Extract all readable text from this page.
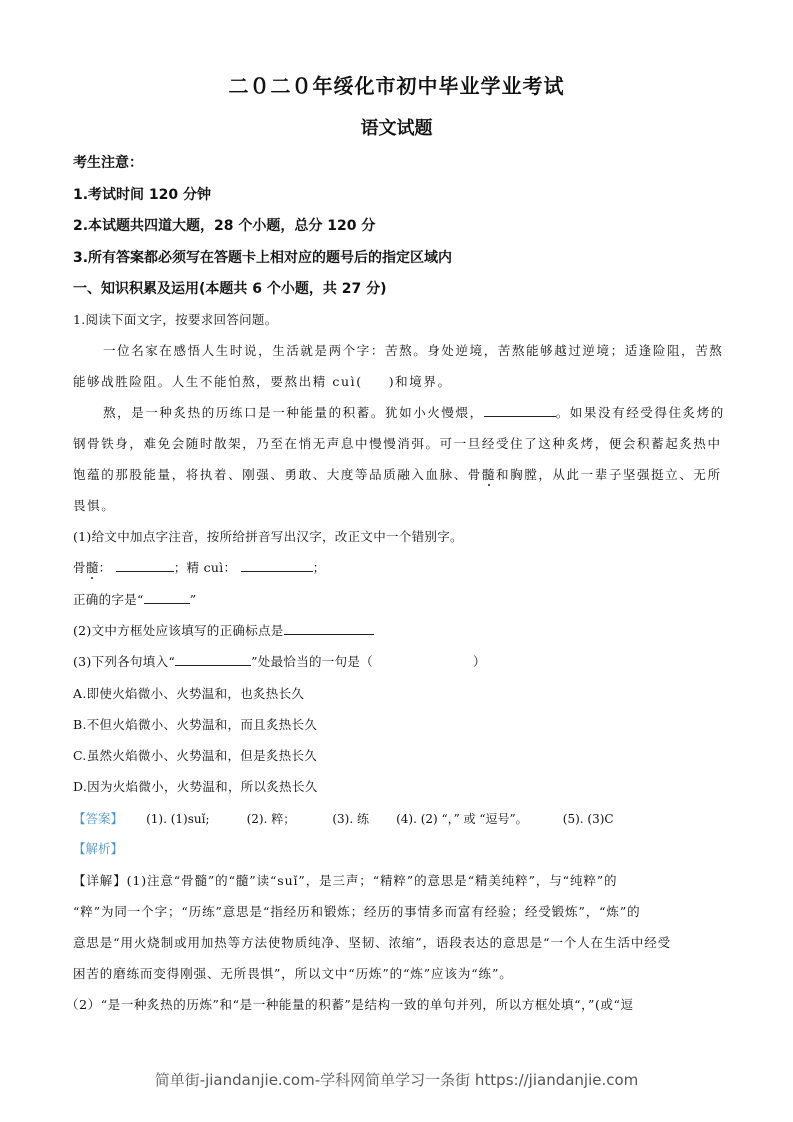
二０二０年绥化市初中毕业学业考试
语文试题
考生注意：
1.考试时间 120 分钟
2.本试题共四道大题，28 个小题，总分 120 分
3.所有答案都必须写在答题卡上相对应的题号后的指定区域内
一、知识积累及运用(本题共 6 个小题，共 27 分)
1.阅读下面文字，按要求回答问题。
一位名家在感悟人生时说，生活就是两个字：苦熬。身处逆境，苦熬能够越过逆境；适逢险阻，苦熬
能够战胜险阻。人生不能怕熬，要熬出精 cuì( )和境界。
熬，是一种炙热的历练口是一种能量的积蓄。犹如小火慢煨，	。如果没有经受得住炙烤的
钢骨铁身，难免会随时散架，乃至在悄无声息中慢慢消弭。可一旦经受住了这种炙烤，便会积蓄起炙热中
饱蕴的那股能量，将执着、刚强、勇敢、大度等品质融入血脉、骨髓和胸膛，从此一辈子坚强挺立、无所
畏惧。
(1)给文中加点字注音，按所给拼音写出汉字，改正文中一个错别字。
骨髓：	；精 cuì：	；
正确的字是“	”
(2)文中方框处应该填写的正确标点是
(3)下列各句填入“	”处最恰当的一句是（	）
A.即使火焰微小、火势温和，也炙热长久
B.不但火焰微小、火势温和，而且炙热长久
C.虽然火焰微小、火势温和，但是炙热长久
D.因为火焰微小，火势温和，所以炙热长久
【答案】 (1). (1)suǐ;	(2). 粹；	(3). 练 (4). (2) “，” 或 “逗号”。	(5). (3)C
【解析】
【详解】(1)注意“骨髓”的“髓”读“suǐ”，是三声；“精粹”的意思是“精美纯粹”，与“纯粹”的
“粹”为同一个字；“历练”意思是“指经历和锻炼；经历的事情多而富有经验；经受锻炼”，“炼”的
意思是“用火烧制或用加热等方法使物质纯净、坚韧、浓缩”，语段表达的意思是“一个人在生活中经受
困苦的磨练而变得刚强、无所畏惧”，所以文中“历炼”的“炼”应该为“练”。
（2）“是一种炙热的历炼”和“是一种能量的积蓄”是结构一致的单句并列，所以方框处填“，”(或“逗
简单街-jiandanjie.com-学科网简单学习一条街 https://jiandanjie.com
